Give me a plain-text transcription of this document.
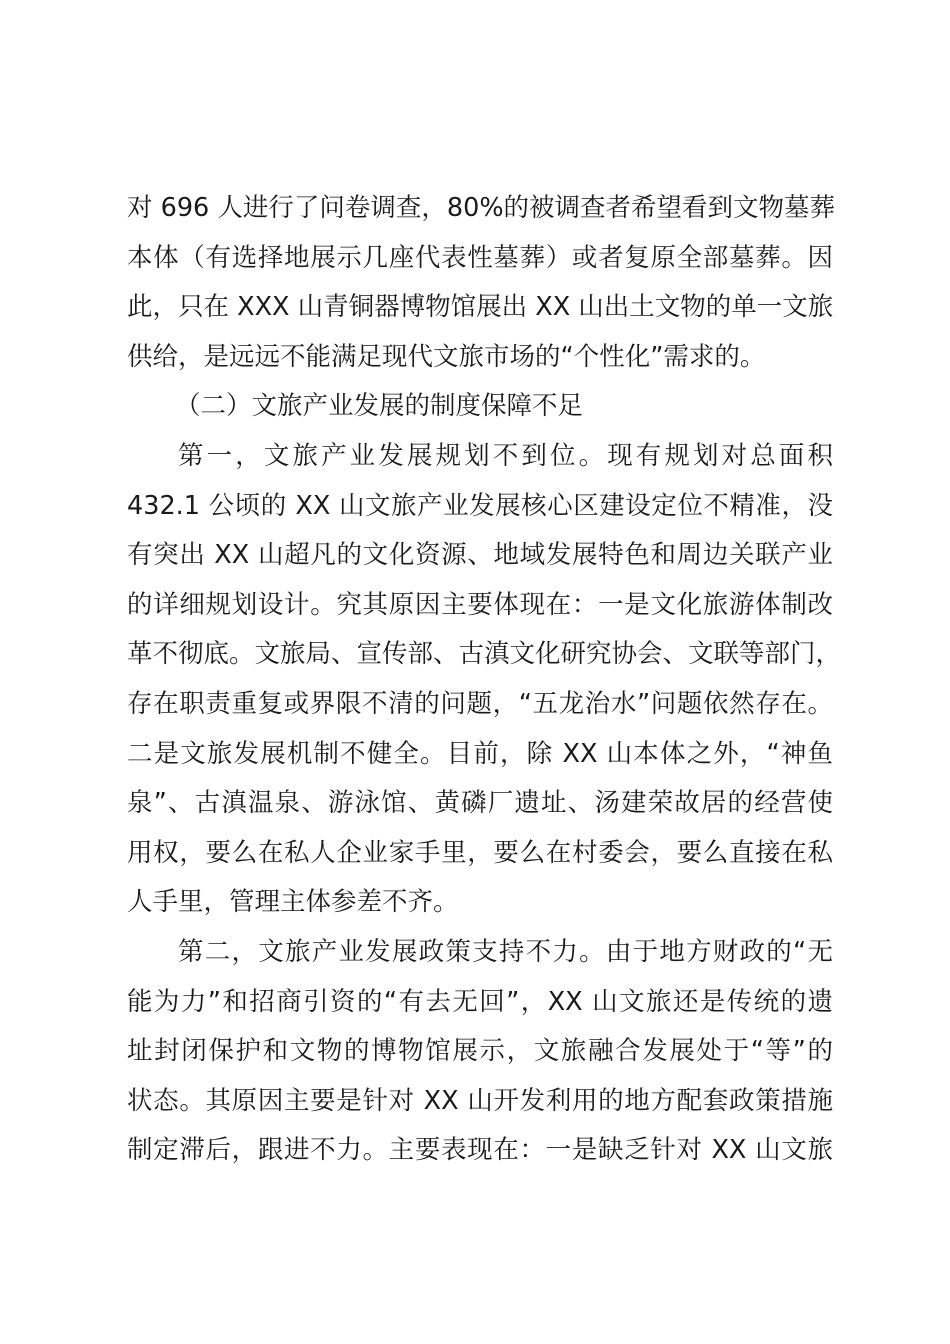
对 696 人进行了问卷调查，80%的被调查者希望看到文物墓葬
本体（有选择地展示几座代表性墓葬）或者复原全部墓葬。因
此，只在 XXX 山青铜器博物馆展出 XX 山出土文物的单一文旅
供给，是远远不能满足现代文旅市场的“个性化”需求的。
（二）文旅产业发展的制度保障不足
第一，文旅产业发展规划不到位。现有规划对总面积
432.1 公顷的 XX 山文旅产业发展核心区建设定位不精准，没
有突出 XX 山超凡的文化资源、地域发展特色和周边关联产业
的详细规划设计。究其原因主要体现在：一是文化旅游体制改
革不彻底。文旅局、宣传部、古滇文化研究协会、文联等部门，
存在职责重复或界限不清的问题，“五龙治水”问题依然存在。
二是文旅发展机制不健全。目前，除 XX 山本体之外，“神鱼
泉”、古滇温泉、游泳馆、黄磷厂遗址、汤建荣故居的经营使
用权，要么在私人企业家手里，要么在村委会，要么直接在私
人手里，管理主体参差不齐。
第二，文旅产业发展政策支持不力。由于地方财政的“无
能为力”和招商引资的“有去无回”，XX 山文旅还是传统的遗
址封闭保护和文物的博物馆展示，文旅融合发展处于“等”的
状态。其原因主要是针对 XX 山开发利用的地方配套政策措施
制定滞后，跟进不力。主要表现在：一是缺乏针对 XX 山文旅
